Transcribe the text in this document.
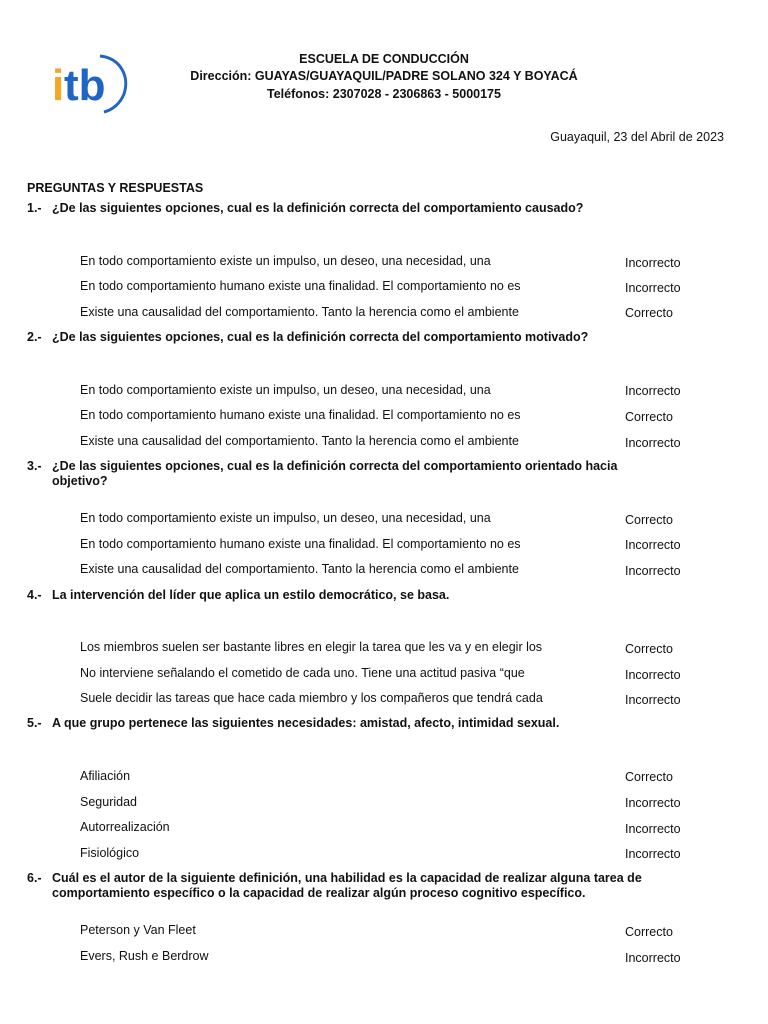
i tb
ESCUELA DE CONDUCCIÓN
Dirección: GUAYAS/GUAYAQUIL/PADRE SOLANO 324 Y BOYACÁ
Teléfonos: 2307028 - 2306863 - 5000175
Guayaquil, 23 del Abril de 2023
PREGUNTAS Y RESPUESTAS
1.- ¿De las siguientes opciones, cual es la definición correcta del comportamiento causado?
En todo comportamiento existe un impulso, un deseo, una necesidad, una	Incorrecto
En todo comportamiento humano existe una finalidad. El comportamiento no es	Incorrecto
Existe una causalidad del comportamiento. Tanto la herencia como el ambiente	Correcto
2.- ¿De las siguientes opciones, cual es la definición correcta del comportamiento motivado?
En todo comportamiento existe un impulso, un deseo, una necesidad, una	Incorrecto
En todo comportamiento humano existe una finalidad. El comportamiento no es	Correcto
Existe una causalidad del comportamiento. Tanto la herencia como el ambiente	Incorrecto
3.- ¿De las siguientes opciones, cual es la definición correcta del comportamiento orientado hacia objetivo?
En todo comportamiento existe un impulso, un deseo, una necesidad, una	Correcto
En todo comportamiento humano existe una finalidad. El comportamiento no es	Incorrecto
Existe una causalidad del comportamiento. Tanto la herencia como el ambiente	Incorrecto
4.- La intervención del líder que aplica un estilo democrático, se basa.
Los miembros suelen ser bastante libres en elegir la tarea que les va y en elegir los	Correcto
No interviene señalando el cometido de cada uno. Tiene una actitud pasiva “que	Incorrecto
Suele decidir las tareas que hace cada miembro y los compañeros que tendrá cada	Incorrecto
5.- A que grupo pertenece las siguientes necesidades: amistad, afecto, intimidad sexual.
Afiliación	Correcto
Seguridad	Incorrecto
Autorrealización	Incorrecto
Fisiológico	Incorrecto
6.- Cuál es el autor de la siguiente definición, una habilidad es la capacidad de realizar alguna tarea de comportamiento específico o la capacidad de realizar algún proceso cognitivo específico.
Peterson y Van Fleet	Correcto
Evers, Rush e Berdrow	Incorrecto
